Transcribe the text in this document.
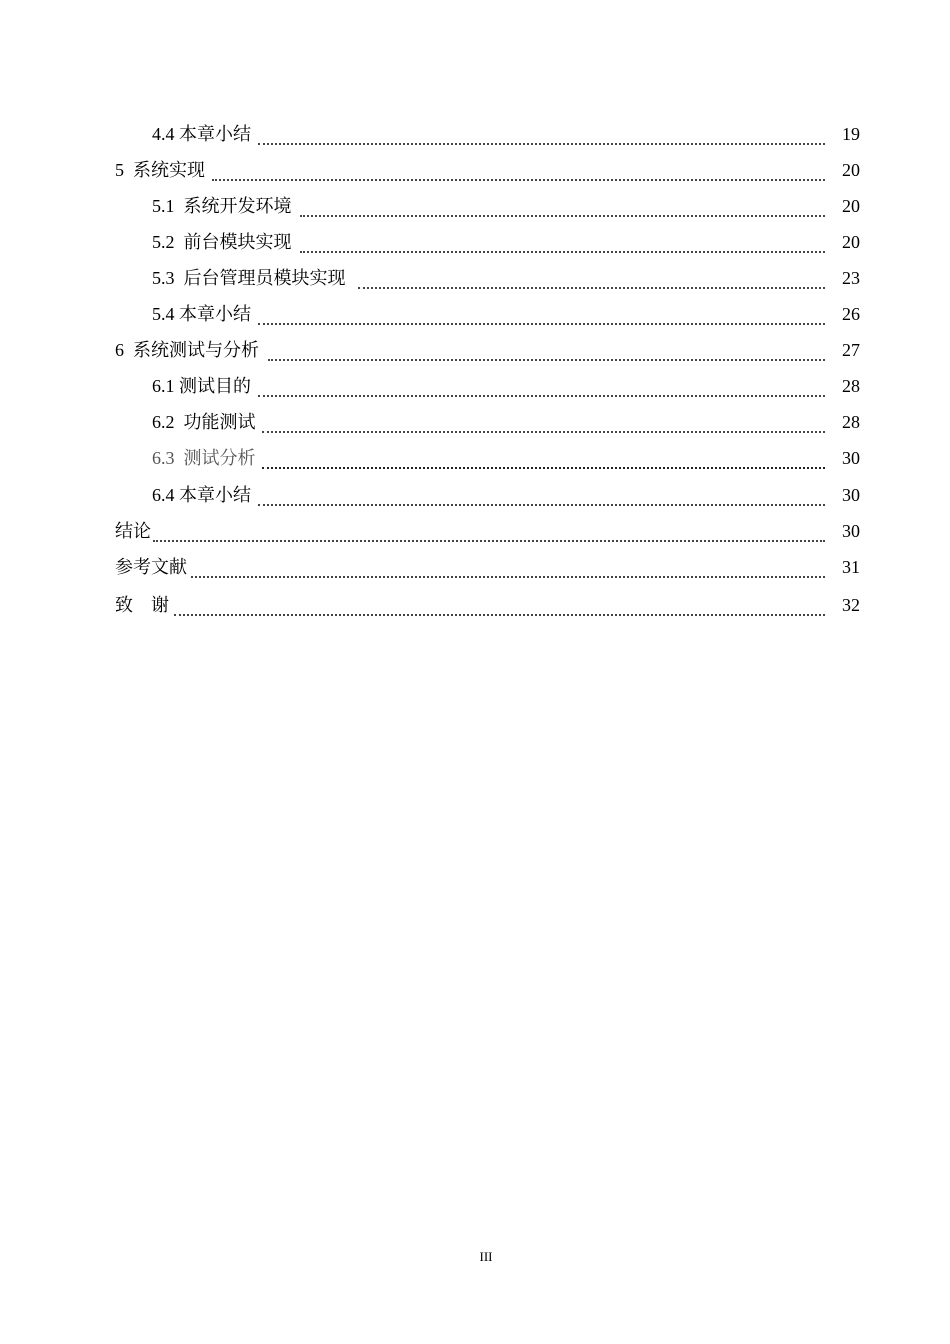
4.4 本章小结	19
5  系统实现	20
5.1  系统开发环境	20
5.2  前台模块实现	20
5.3  后台管理员模块实现	23
5.4 本章小结	26
6  系统测试与分析	27
6.1 测试目的	28
6.2  功能测试	28
6.3  测试分析	30
6.4 本章小结	30
结论	30
参考文献	31
致    谢	32
III
